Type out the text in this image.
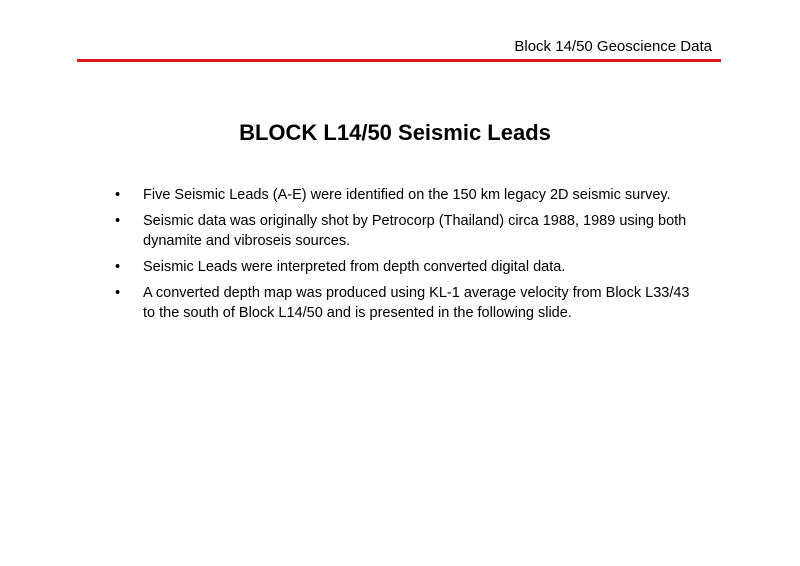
Block 14/50 Geoscience Data
BLOCK L14/50 Seismic Leads
•	Five Seismic Leads (A-E) were identified on the 150 km legacy 2D seismic survey.
•	Seismic data was originally shot by Petrocorp (Thailand) circa 1988, 1989 using both dynamite and vibroseis sources.
•	Seismic Leads were interpreted from depth converted digital data.
•	A converted depth map was produced using KL-1 average velocity from Block L33/43 to the south of Block L14/50 and is presented in the following slide.
